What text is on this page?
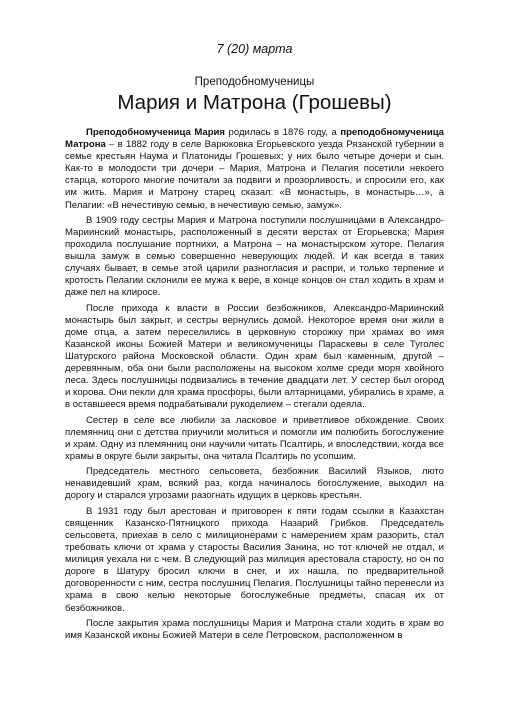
7 (20) марта
Преподобномученицы
Мария и Матрона (Грошевы)

Преподобномученица Мария родилась в 1876 году, а преподобномученица Матрона – в 1882 году в селе Варюковка Егорьевского уезда Рязанской губернии в семье крестьян Наума и Платониды Грошевых; у них было четыре дочери и сын. Как-то в молодости три дочери – Мария, Матрона и Пелагия посетили некоего старца, которого многие почитали за подвиги и прозорливость, и спросили его, как им жить. Мария и Матрону старец сказал: «В монастырь, в монастырь…», а Пелагии: «В нечестивую семью, в нечестивую семью, замуж».

В 1909 году сестры Мария и Матрона поступили послушницами в Александро-Мариинский монастырь, расположенный в десяти верстах от Егорьевска; Мария проходила послушание портнихи, а Матрона – на монастырском хуторе. Пелагия вышла замуж в семью совершенно неверующих людей. И как всегда в таких случаях бывает, в семье этой царили разногласия и распри, и только терпение и кротость Пелагии склонили ее мужа к вере, в конце концов он стал ходить в храм и даже пел на клиросе.

После прихода к власти в России безбожников, Александро-Мариинский монастырь был закрыт, и сестры вернулись домой. Некоторое время они жили в доме отца, а затем переселились в церковную сторожку при храмах во имя Казанской иконы Божией Матери и великомученицы Параскевы в селе Туголес Шатурского района Московской области. Один храм был каменным, другой – деревянным, оба они были расположены на высоком холме среди моря хвойного леса. Здесь послушницы подвизались в течение двадцати лет. У сестер был огород и корова. Они пекли для храма просфоры, были алтарницами, убирались в храме, а в оставшееся время подрабатывали рукоделием – стегали одеяла.

Сестер в селе все любили за ласковое и приветливое обхождение. Своих племянниц они с детства приучили молиться и помогли им полюбить богослужение и храм. Одну из племянниц они научили читать Псалтирь, и впоследствии, когда все храмы в округе были закрыты, она читала Псалтирь по усопшим.

Председатель местного сельсовета, безбожник Василий Языков, люто ненавидевший храм, всякий раз, когда начиналось богослужение, выходил на дорогу и старался угрозами разогнать идущих в церковь крестьян.

В 1931 году был арестован и приговорен к пяти годам ссылки в Казахстан священник Казанско-Пятницкого прихода Назарий Грибков. Председатель сельсовета, приехав в село с милиционерами с намерением храм разорить, стал требовать ключи от храма у старосты Василия Занина, но тот ключей не отдал, и милиция уехала ни с чем. В следующий раз милиция арестовала старосту, но он по дороге в Шатуру бросил ключи в снег, и их нашла, по предварительной договоренности с ним, сестра послушниц Пелагия. Послушницы тайно перенесли из храма в свою келью некоторые богослужебные предметы, спасая их от безбожников.

После закрытия храма послушницы Мария и Матрона стали ходить в храм во имя Казанской иконы Божией Матери в селе Петровском, расположенном в
